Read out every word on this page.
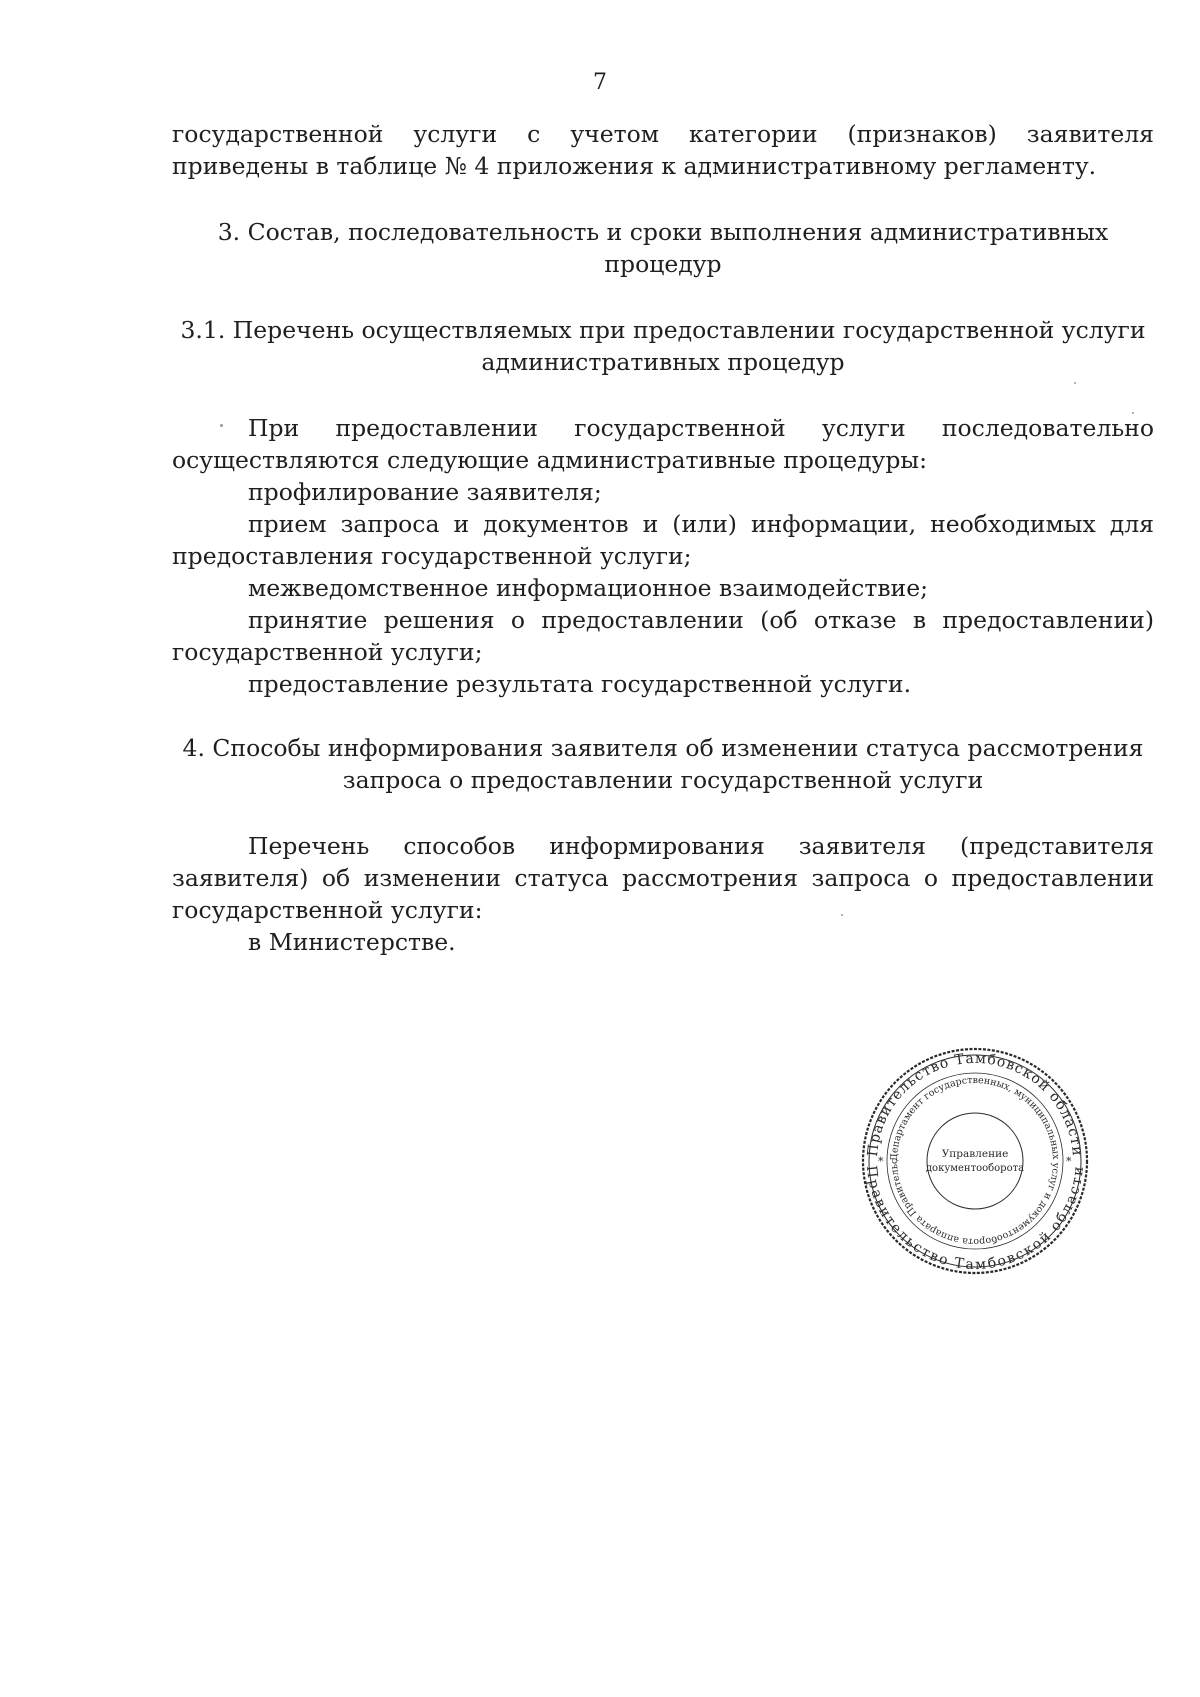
7

государственной услуги с учетом категории (признаков) заявителя приведены в таблице № 4 приложения к административному регламенту.

3. Состав, последовательность и сроки выполнения административных процедур

3.1. Перечень осуществляемых при предоставлении государственной услуги административных процедур

При предоставлении государственной услуги последовательно

осуществляются следующие административные процедуры:

профилирование заявителя;

прием запроса и документов и (или) информации, необходимых для предоставления государственной услуги;

межведомственное информационное взаимодействие;

принятие решения о предоставлении (об отказе в предоставлении) государственной услуги;

предоставление результата государственной услуги.

4. Способы информирования заявителя об изменении статуса рассмотрения запроса о предоставлении государственной услуги

Перечень способов информирования заявителя (представителя заявителя) об изменении статуса рассмотрения запроса о предоставлении государственной услуги:

в Министерстве.

Правительство Тамбовской области
Правительство Тамбовской области
Департамент государственных, муниципальных услуг и документооборота аппарата Правительс
*	*
Управление
документооборота
